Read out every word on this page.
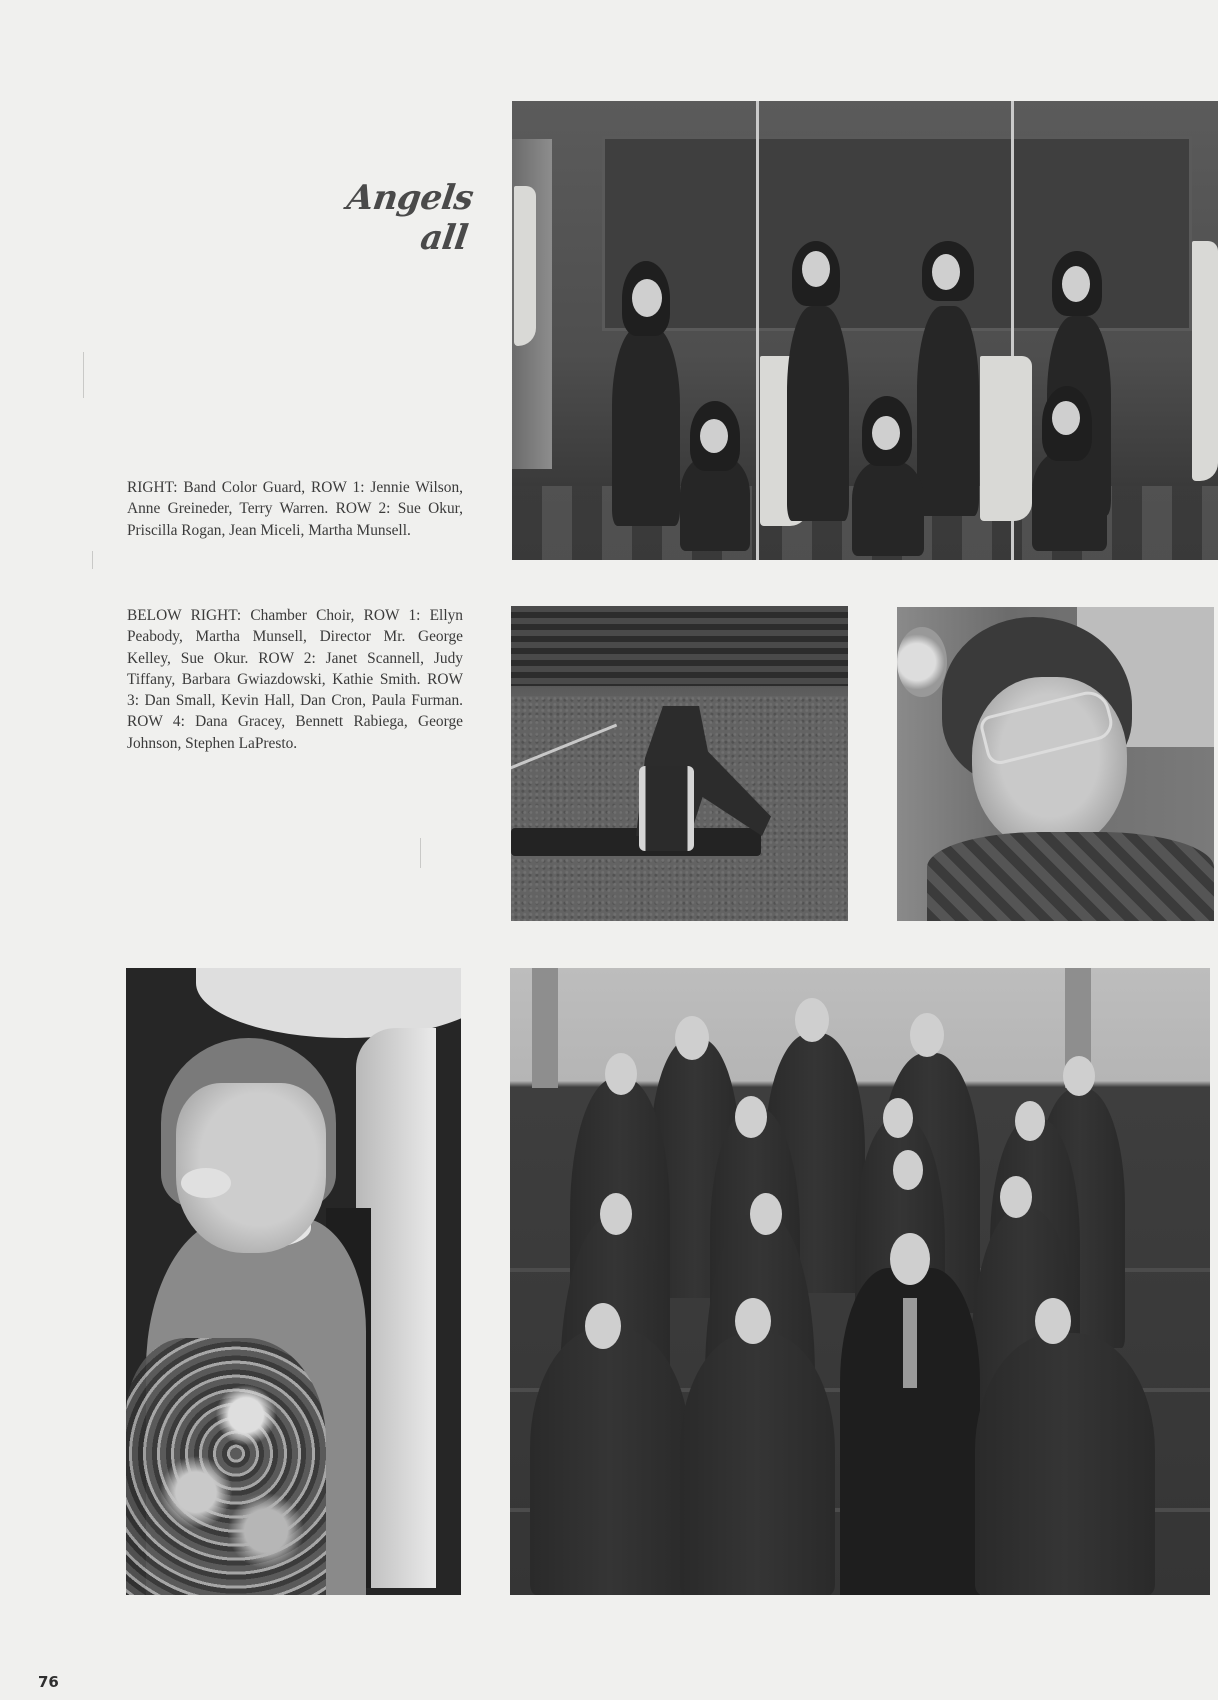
Angels all

RIGHT: Band Color Guard, ROW 1: Jennie Wilson, Anne Greineder, Terry Warren. ROW 2: Sue Okur, Priscilla Rogan, Jean Miceli, Martha Munsell.

BELOW RIGHT: Chamber Choir, ROW 1: Ellyn Peabody, Martha Munsell, Director Mr. George Kelley, Sue Okur. ROW 2: Janet Scannell, Judy Tiffany, Barbara Gwiazdowski, Kathie Smith. ROW 3: Dan Small, Kevin Hall, Dan Cron, Paula Furman. ROW 4: Dana Gracey, Bennett Rabiega, George Johnson, Stephen LaPresto.

76
